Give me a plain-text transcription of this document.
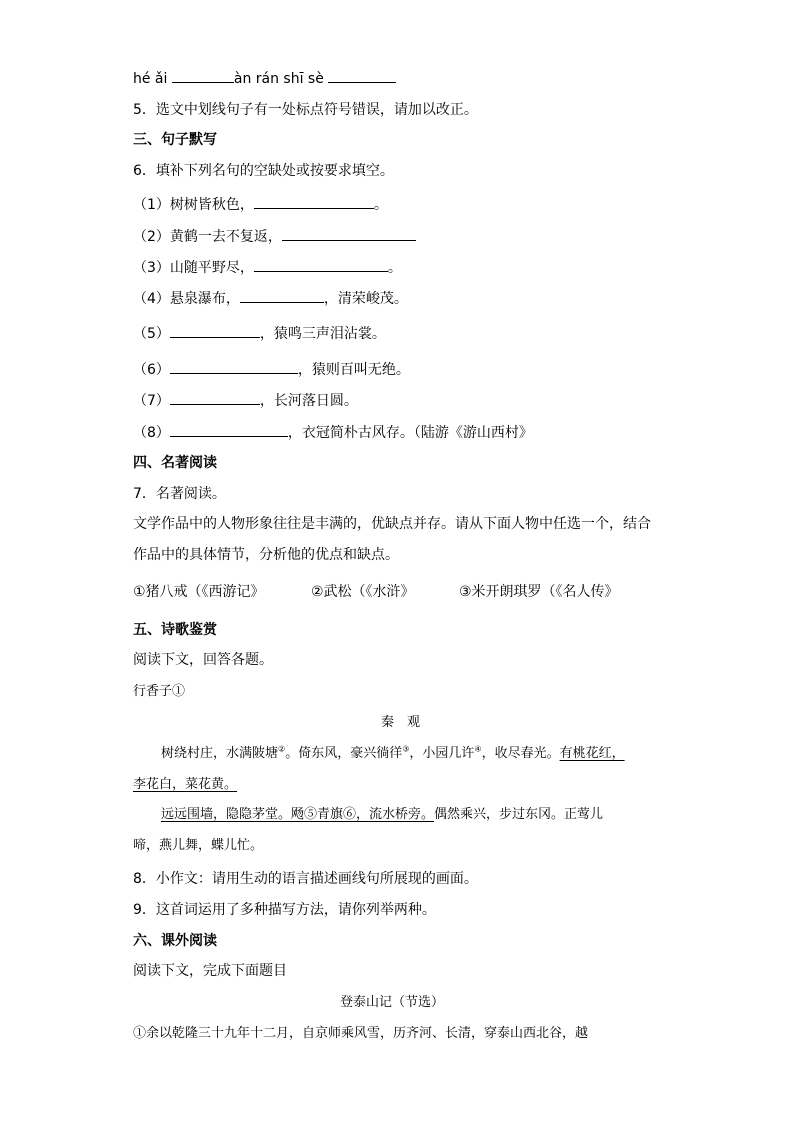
hé ǎi	àn rán shī sè
5．选文中划线句子有一处标点符号错误，请加以改正。
三、句子默写
6．填补下列名句的空缺处或按要求填空。
（1）树树皆秋色，	。
（2）黄鹤一去不复返，
（3）山随平野尽，	。
（4）悬泉瀑布，	，清荣峻茂。
（5）	，猿鸣三声泪沾裳。
（6）	，猿则百叫无绝。
（7）	，长河落日圆。
（8）	，衣冠简朴古风存。（陆游《游山西村》
四、名著阅读
7．名著阅读。
文学作品中的人物形象往往是丰满的，优缺点并存。请从下面人物中任选一个，结合
作品中的具体情节，分析他的优点和缺点。
①猪八戒（《西游记》	②武松（《水浒》	③米开朗琪罗（《名人传》
五、诗歌鉴赏
阅读下文，回答各题。
行香子①
秦　观
树绕村庄，水满陂塘②。倚东风，豪兴徜徉③，小园几许④，收尽春光。有桃花红，
李花白，菜花黄。
远远围墙，隐隐茅堂。飏⑤青旗⑥，流水桥旁。偶然乘兴，步过东冈。正莺儿
啼，燕儿舞，蝶儿忙。
8．小作文：请用生动的语言描述画线句所展现的画面。
9．这首词运用了多种描写方法，请你列举两种。
六、课外阅读
阅读下文，完成下面题目
登泰山记（节选）
①余以乾隆三十九年十二月，自京师乘风雪，历齐河、长清，穿泰山西北谷，越
